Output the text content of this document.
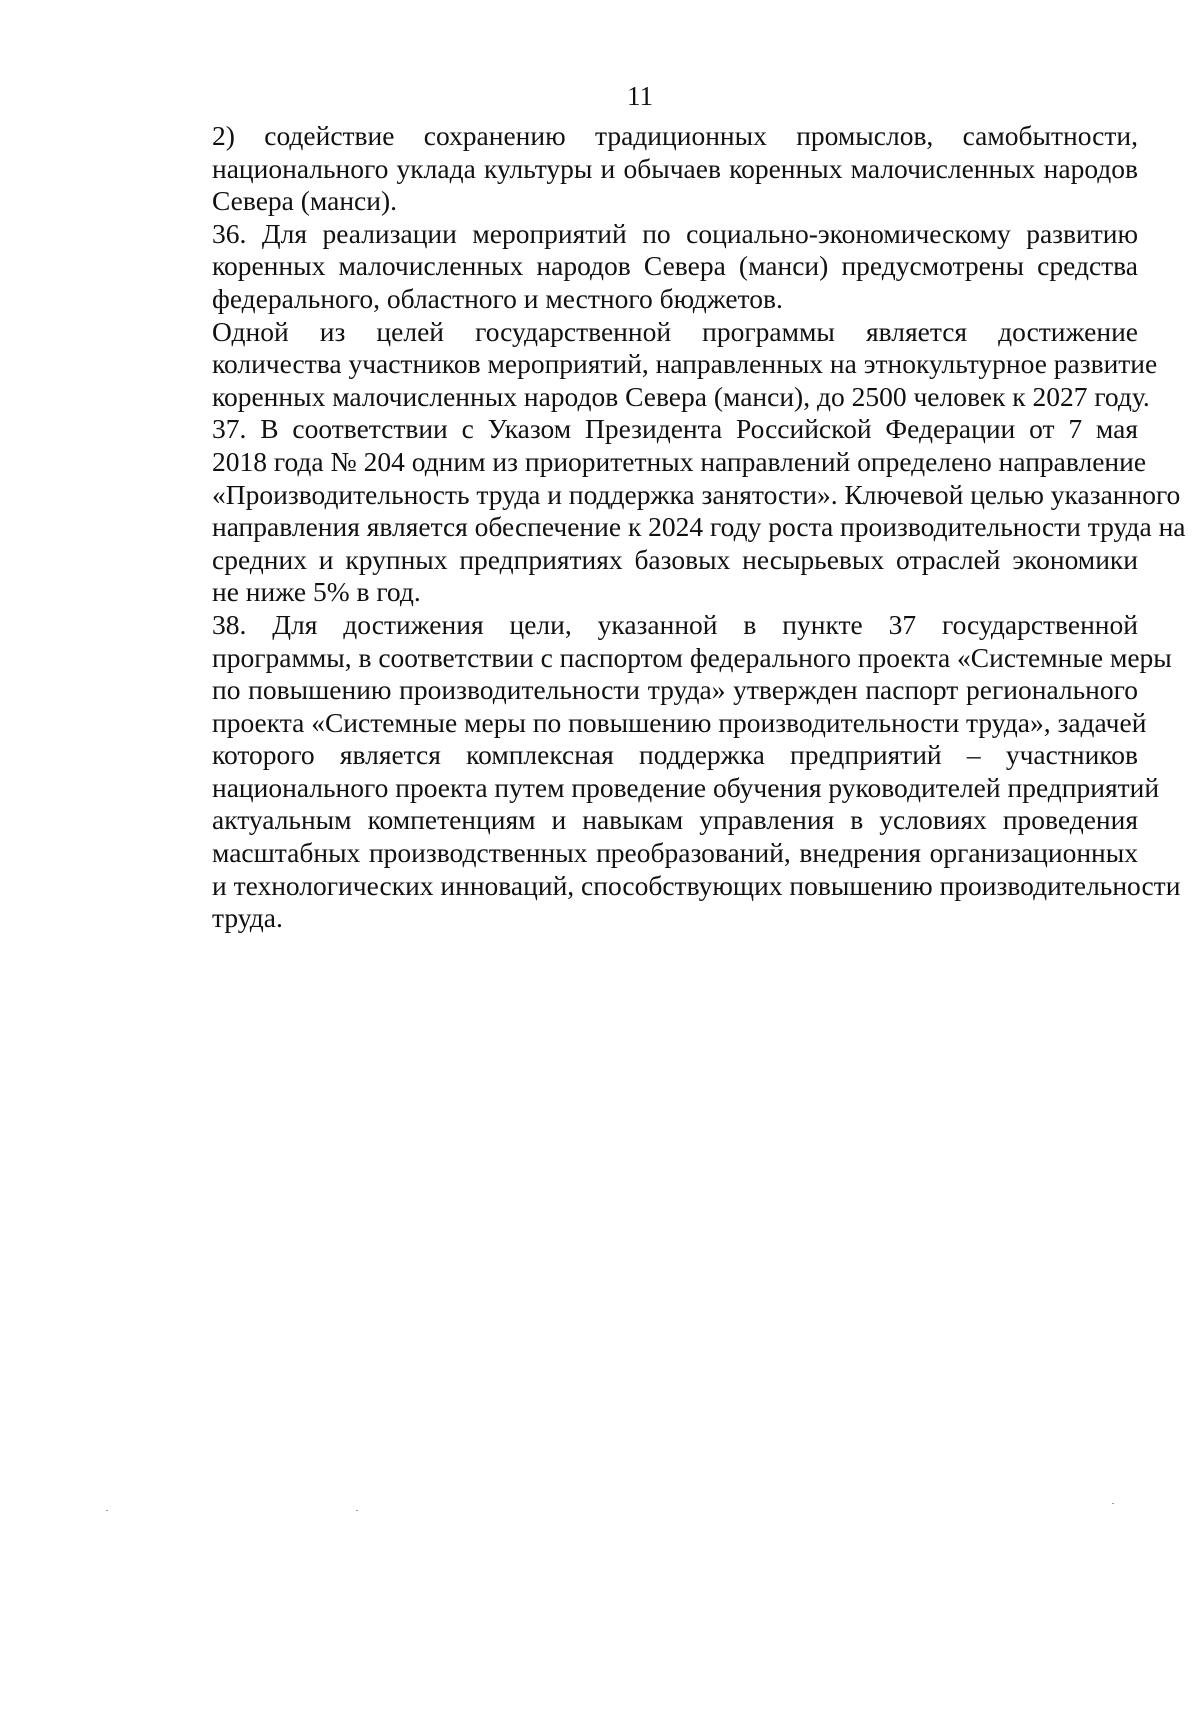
11
2) содействие сохранению традиционных промыслов, самобытности,
национального уклада культуры и обычаев коренных малочисленных народов
Севера (манси).
36. Для реализации мероприятий по социально-экономическому развитию
коренных малочисленных народов Севера (манси) предусмотрены средства
федерального, областного и местного бюджетов.
Одной из целей государственной программы является достижение
количества участников мероприятий, направленных на этнокультурное развитие
коренных малочисленных народов Севера (манси), до 2500 человек к 2027 году.
37. В соответствии с Указом Президента Российской Федерации от 7 мая
2018 года № 204 одним из приоритетных направлений определено направление
«Производительность труда и поддержка занятости». Ключевой целью указанного
направления является обеспечение к 2024 году роста производительности труда на
средних и крупных предприятиях базовых несырьевых отраслей экономики
не ниже 5% в год.
38. Для достижения цели, указанной в пункте 37 государственной
программы, в соответствии с паспортом федерального проекта «Системные меры
по повышению производительности труда» утвержден паспорт регионального
проекта «Системные меры по повышению производительности труда», задачей
которого является комплексная поддержка предприятий – участников
национального проекта путем проведение обучения руководителей предприятий
актуальным компетенциям и навыкам управления в условиях проведения
масштабных производственных преобразований, внедрения организационных
и технологических инноваций, способствующих повышению производительности
труда.
